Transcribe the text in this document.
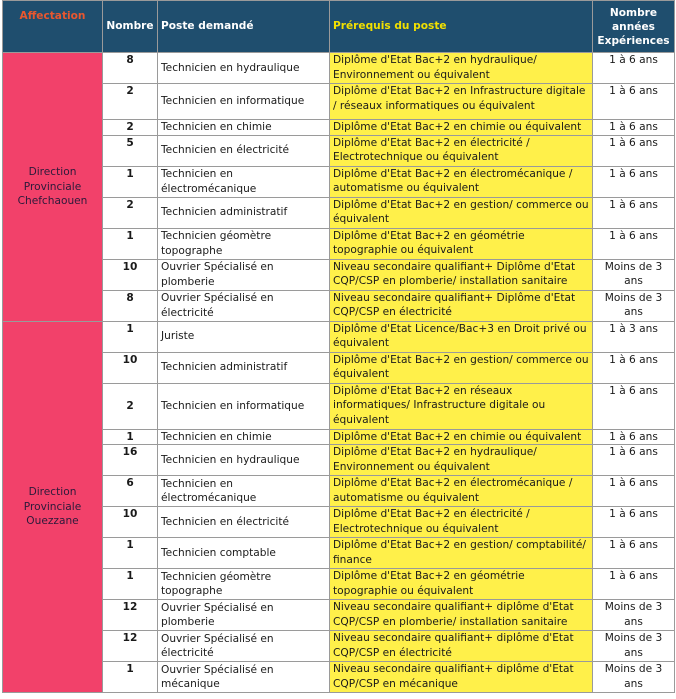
Affectation	Nombre	Poste demandé	Prérequis du poste	Nombre années Expériences
Direction Provinciale Chefchaouen	8	Technicien en hydraulique	Diplôme d'Etat Bac+2 en hydraulique/ Environnement ou équivalent	1 à 6 ans
	2	Technicien en informatique	Diplôme d'Etat Bac+2 en Infrastructure digitale / réseaux informatiques ou équivalent	1 à 6 ans
	2	Technicien en chimie	Diplôme d'Etat Bac+2 en chimie ou équivalent	1 à 6 ans
	5	Technicien en électricité	Diplôme d'Etat Bac+2 en électricité / Electrotechnique ou équivalent	1 à 6 ans
	1	Technicien en électromécanique	Diplôme d'Etat Bac+2 en électromécanique / automatisme ou équivalent	1 à 6 ans
	2	Technicien administratif	Diplôme d'Etat Bac+2 en gestion/ commerce ou équivalent	1 à 6 ans
	1	Technicien géomètre topographe	Diplôme d'Etat Bac+2 en géométrie topographie ou équivalent	1 à 6 ans
	10	Ouvrier Spécialisé en plomberie	Niveau secondaire qualifiant+ Diplôme d'Etat CQP/CSP en plomberie/ installation sanitaire	Moins de 3 ans
	8	Ouvrier Spécialisé en électricité	Niveau secondaire qualifiant+ Diplôme d'Etat CQP/CSP en électricité	Moins de 3 ans
Direction Provinciale Ouezzane	1	Juriste	Diplôme d'Etat Licence/Bac+3 en Droit privé ou équivalent	1 à 3 ans
	10	Technicien administratif	Diplôme d'Etat Bac+2 en gestion/ commerce ou équivalent	1 à 6 ans
	2	Technicien en informatique	Diplôme d'Etat Bac+2 en réseaux informatiques/ Infrastructure digitale ou équivalent	1 à 6 ans
	1	Technicien en chimie	Diplôme d'Etat Bac+2 en chimie ou équivalent	1 à 6 ans
	16	Technicien en hydraulique	Diplôme d'Etat Bac+2 en hydraulique/ Environnement ou équivalent	1 à 6 ans
	6	Technicien en électromécanique	Diplôme d'Etat Bac+2 en électromécanique / automatisme ou équivalent	1 à 6 ans
	10	Technicien en électricité	Diplôme d'Etat Bac+2 en électricité / Electrotechnique ou équivalent	1 à 6 ans
	1	Technicien comptable	Diplôme d'Etat Bac+2 en gestion/ comptabilité/ finance	1 à 6 ans
	1	Technicien géomètre topographe	Diplôme d'Etat Bac+2 en géométrie topographie ou équivalent	1 à 6 ans
	12	Ouvrier Spécialisé en plomberie	Niveau secondaire qualifiant+ diplôme d'Etat CQP/CSP en plomberie/ installation sanitaire	Moins de 3 ans
	12	Ouvrier Spécialisé en électricité	Niveau secondaire qualifiant+ diplôme d'Etat CQP/CSP en électricité	Moins de 3 ans
	1	Ouvrier Spécialisé en mécanique	Niveau secondaire qualifiant+ diplôme d'Etat CQP/CSP en mécanique	Moins de 3 ans
